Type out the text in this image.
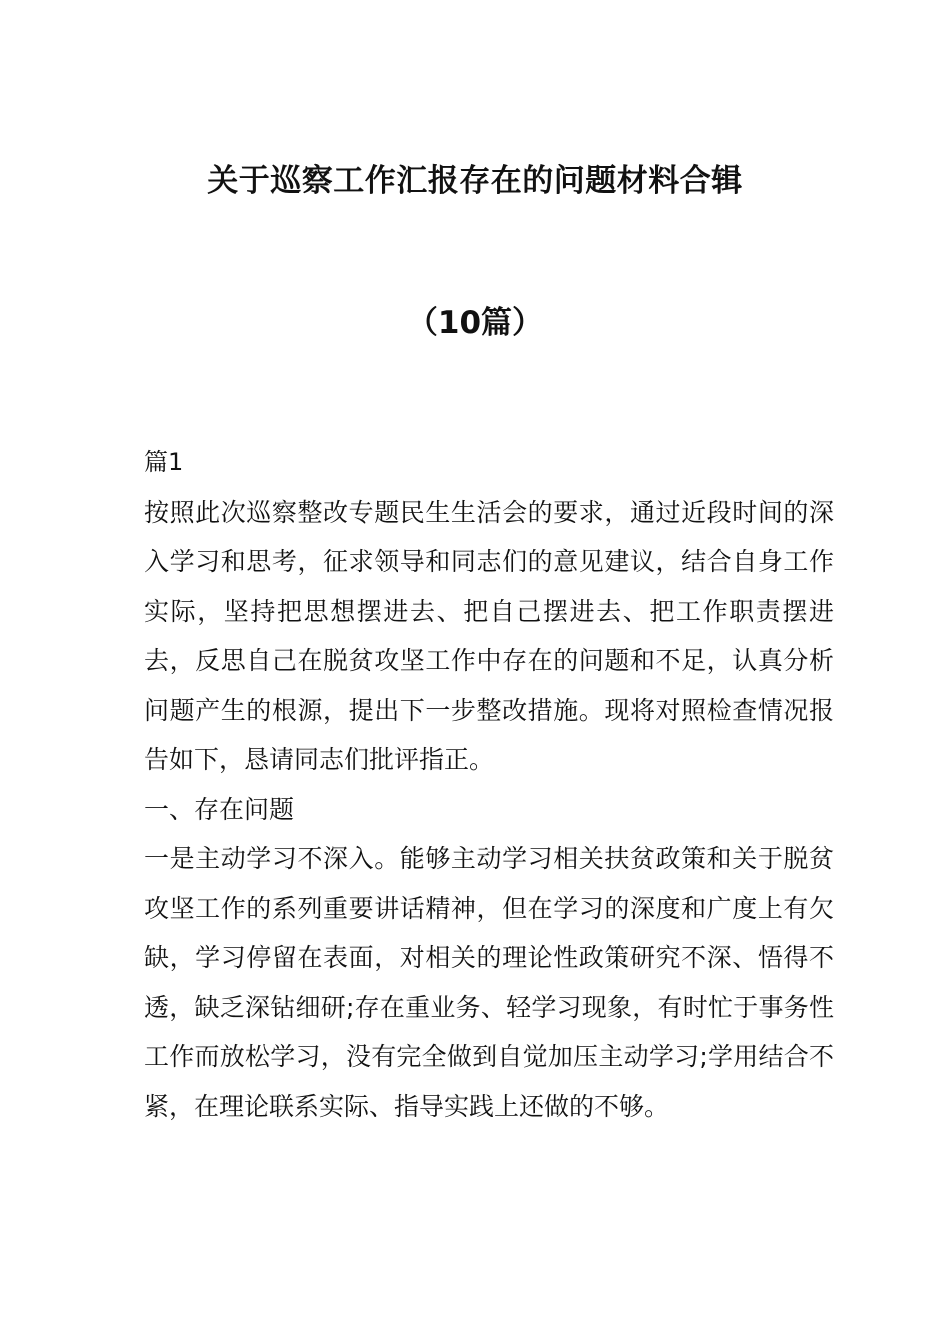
关于巡察工作汇报存在的问题材料合辑
（10篇）

篇1

按照此次巡察整改专题民生生活会的要求，通过近段时间的深入学习和思考，征求领导和同志们的意见建议，结合自身工作实际，坚持把思想摆进去、把自己摆进去、把工作职责摆进去，反思自己在脱贫攻坚工作中存在的问题和不足，认真分析问题产生的根源，提出下一步整改措施。现将对照检查情况报告如下，恳请同志们批评指正。

一、存在问题

一是主动学习不深入。能够主动学习相关扶贫政策和关于脱贫攻坚工作的系列重要讲话精神，但在学习的深度和广度上有欠缺，学习停留在表面，对相关的理论性政策研究不深、悟得不透，缺乏深钻细研;存在重业务、轻学习现象，有时忙于事务性工作而放松学习，没有完全做到自觉加压主动学习;学用结合不紧，在理论联系实际、指导实践上还做的不够。
